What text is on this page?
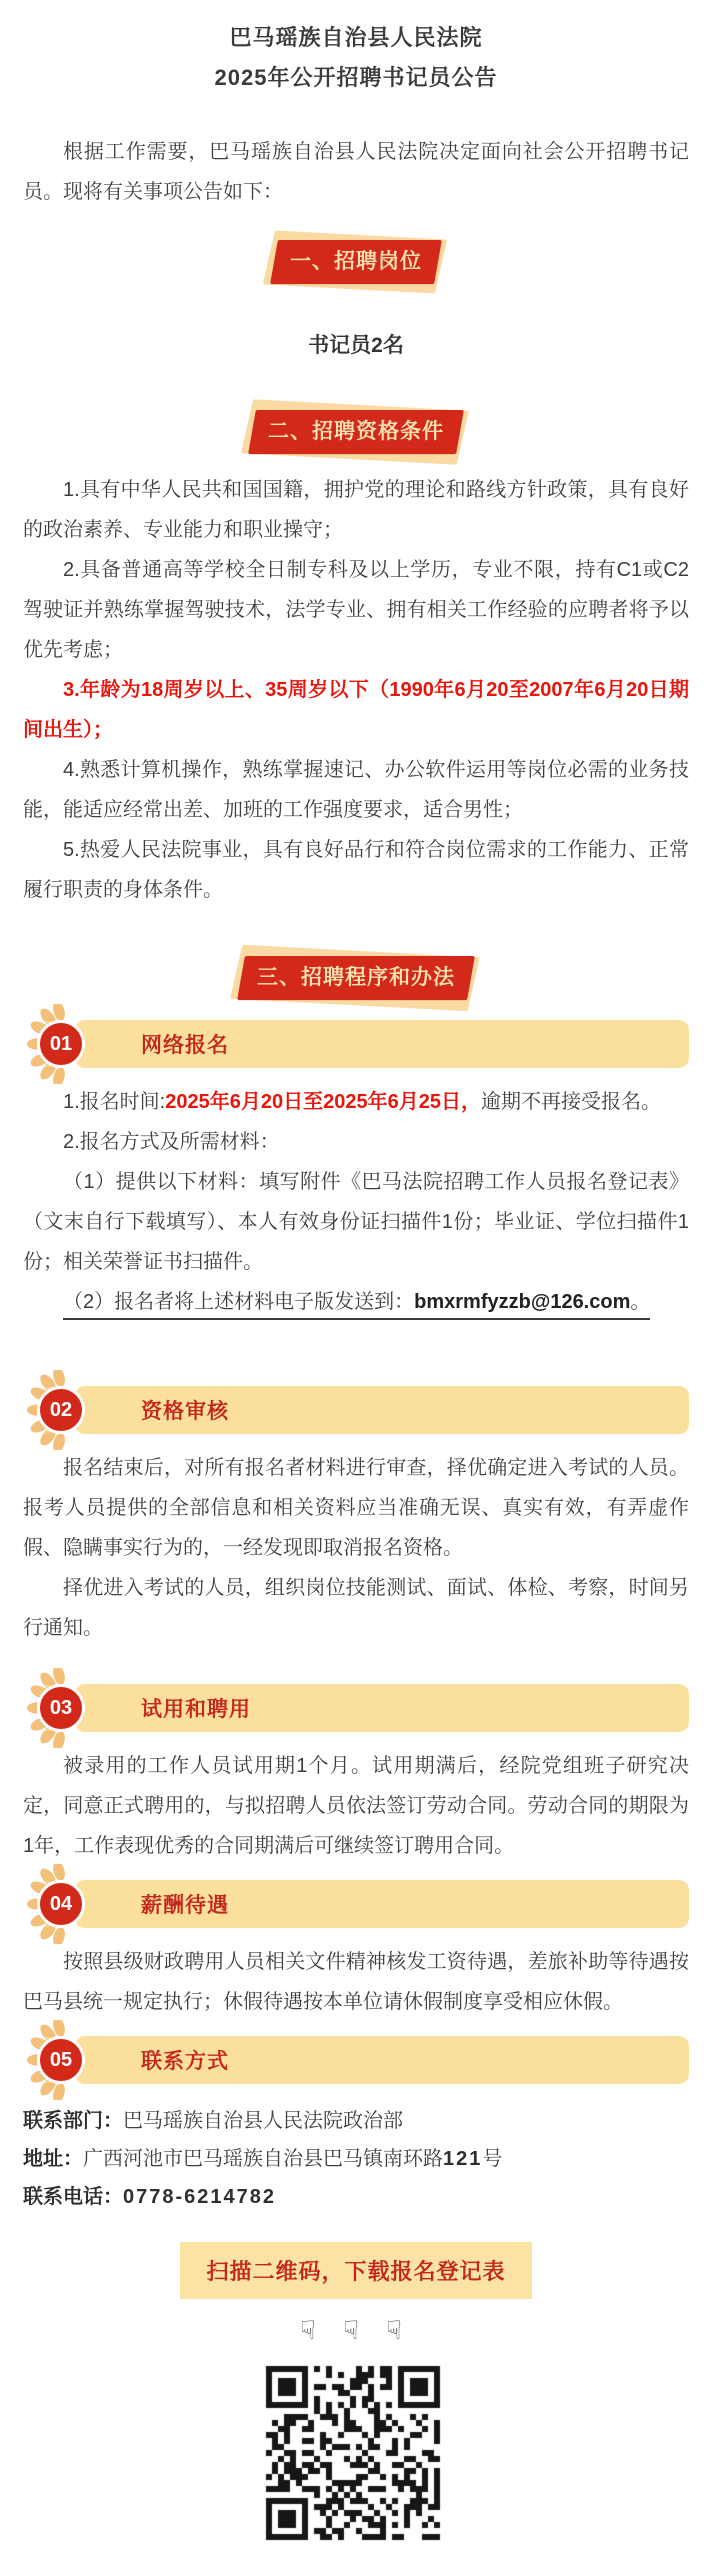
巴马瑶族自治县人民法院
2025年公开招聘书记员公告

根据工作需要，巴马瑶族自治县人民法院决定面向社会公开招聘书记员。现将有关事项公告如下：

一、招聘岗位
书记员2名
二、招聘资格条件

1.具有中华人民共和国国籍，拥护党的理论和路线方针政策，具有良好的政治素养、专业能力和职业操守；

2.具备普通高等学校全日制专科及以上学历，专业不限，持有C1或C2驾驶证并熟练掌握驾驶技术，法学专业、拥有相关工作经验的应聘者将予以优先考虑；

3.年龄为18周岁以上、35周岁以下（1990年6月20至2007年6月20日期间出生）；

4.熟悉计算机操作，熟练掌握速记、办公软件运用等岗位必需的业务技能，能适应经常出差、加班的工作强度要求，适合男性；

5.热爱人民法院事业，具有良好品行和符合岗位需求的工作能力、正常履行职责的身体条件。

三、招聘程序和办法
01	网络报名

1.报名时间:2025年6月20日至2025年6月25日，逾期不再接受报名。

2.报名方式及所需材料：

（1）提供以下材料：填写附件《巴马法院招聘工作人员报名登记表》（文末自行下载填写）、本人有效身份证扫描件1份；毕业证、学位扫描件1份；相关荣誉证书扫描件。

（2）报名者将上述材料电子版发送到：bmxrmfyzzb@126.com。

02	资格审核

报名结束后，对所有报名者材料进行审查，择优确定进入考试的人员。报考人员提供的全部信息和相关资料应当准确无误、真实有效，有弄虚作假、隐瞒事实行为的，一经发现即取消报名资格。

择优进入考试的人员，组织岗位技能测试、面试、体检、考察，时间另行通知。

03	试用和聘用

被录用的工作人员试用期1个月。试用期满后，经院党组班子研究决定，同意正式聘用的，与拟招聘人员依法签订劳动合同。劳动合同的期限为1年，工作表现优秀的合同期满后可继续签订聘用合同。

04	薪酬待遇

按照县级财政聘用人员相关文件精神核发工资待遇，差旅补助等待遇按巴马县统一规定执行；休假待遇按本单位请休假制度享受相应休假。

05	联系方式

联系部门：巴马瑶族自治县人民法院政治部

地址：广西河池市巴马瑶族自治县巴马镇南环路121号

联系电话：0778-6214782

扫描二维码，下载报名登记表
☟ ☟ ☟
